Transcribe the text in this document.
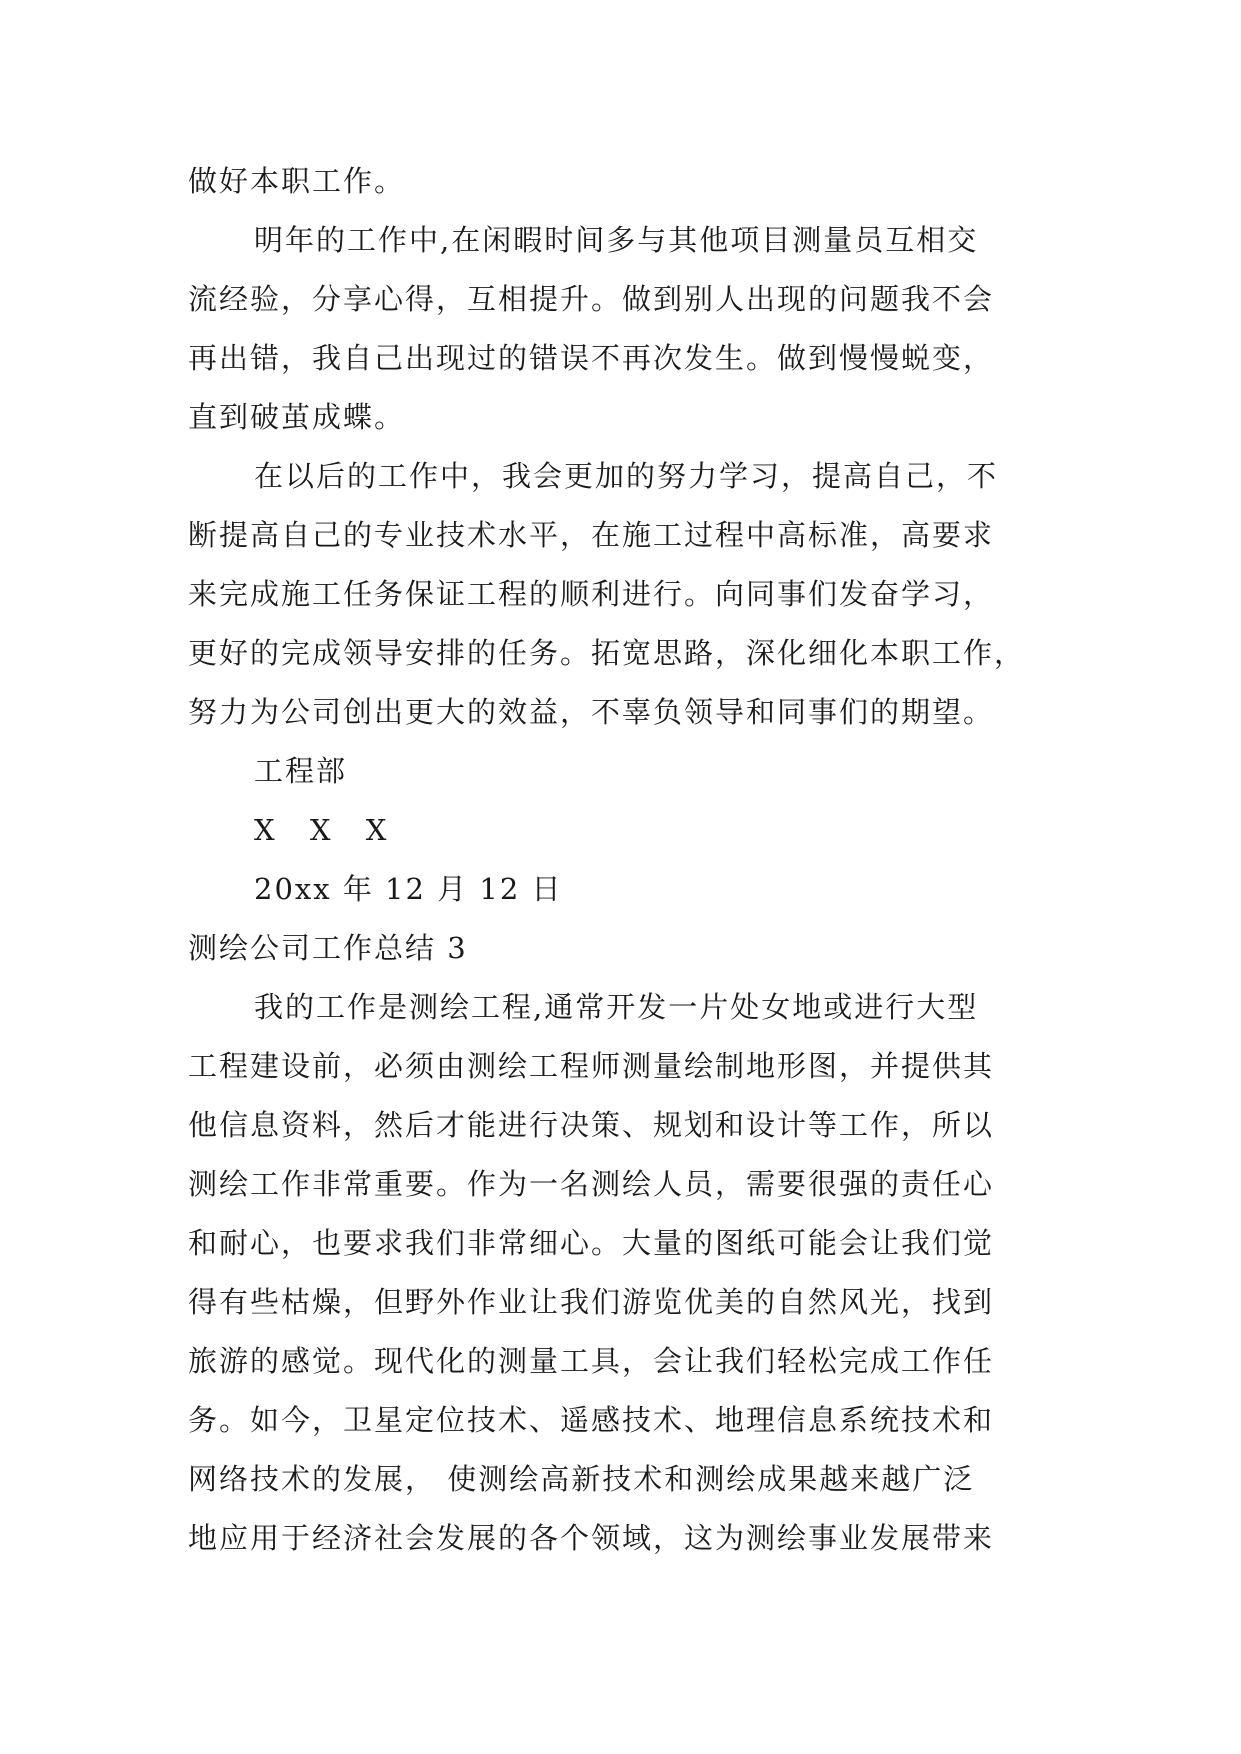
做好本职工作。
明年的工作中,在闲暇时间多与其他项目测量员互相交
流经验，分享心得，互相提升。做到别人出现的问题我不会
再出错，我自己出现过的错误不再次发生。做到慢慢蜕变，
直到破茧成蝶。
在以后的工作中，我会更加的努力学习，提高自己，不
断提高自己的专业技术水平，在施工过程中高标准，高要求
来完成施工任务保证工程的顺利进行。向同事们发奋学习，
更好的完成领导安排的任务。拓宽思路，深化细化本职工作，
努力为公司创出更大的效益，不辜负领导和同事们的期望。
工程部
X X X
20xx 年 12 月 12 日
测绘公司工作总结 3
我的工作是测绘工程,通常开发一片处女地或进行大型
工程建设前，必须由测绘工程师测量绘制地形图，并提供其
他信息资料，然后才能进行决策、规划和设计等工作，所以
测绘工作非常重要。作为一名测绘人员，需要很强的责任心
和耐心，也要求我们非常细心。大量的图纸可能会让我们觉
得有些枯燥，但野外作业让我们游览优美的自然风光，找到
旅游的感觉。现代化的测量工具，会让我们轻松完成工作任
务。如今，卫星定位技术、遥感技术、地理信息系统技术和
网络技术的发展， 使测绘高新技术和测绘成果越来越广泛
地应用于经济社会发展的各个领域，这为测绘事业发展带来
